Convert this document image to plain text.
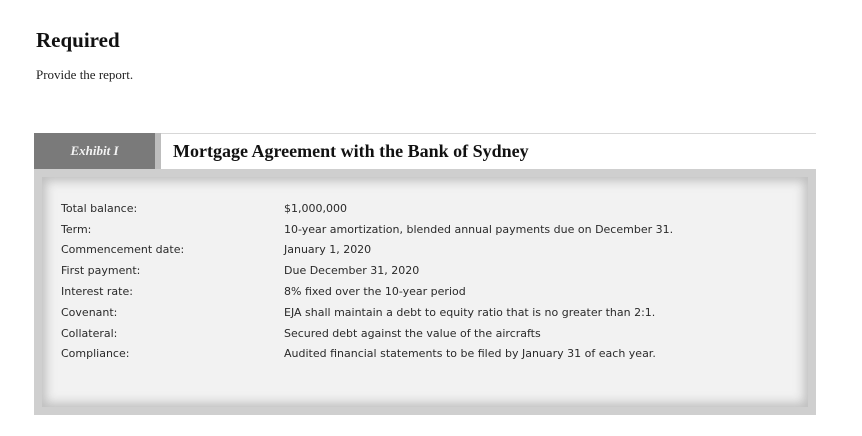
Required

Provide the report.

Exhibit I	Mortgage Agreement with the Bank of Sydney
Total balance:	$1,000,000
Term:	10-year amortization, blended annual payments due on December 31.
Commencement date:	January 1, 2020
First payment:	Due December 31, 2020
Interest rate:	8% fixed over the 10-year period
Covenant:	EJA shall maintain a debt to equity ratio that is no greater than 2:1.
Collateral:	Secured debt against the value of the aircrafts
Compliance:	Audited financial statements to be filed by January 31 of each year.
